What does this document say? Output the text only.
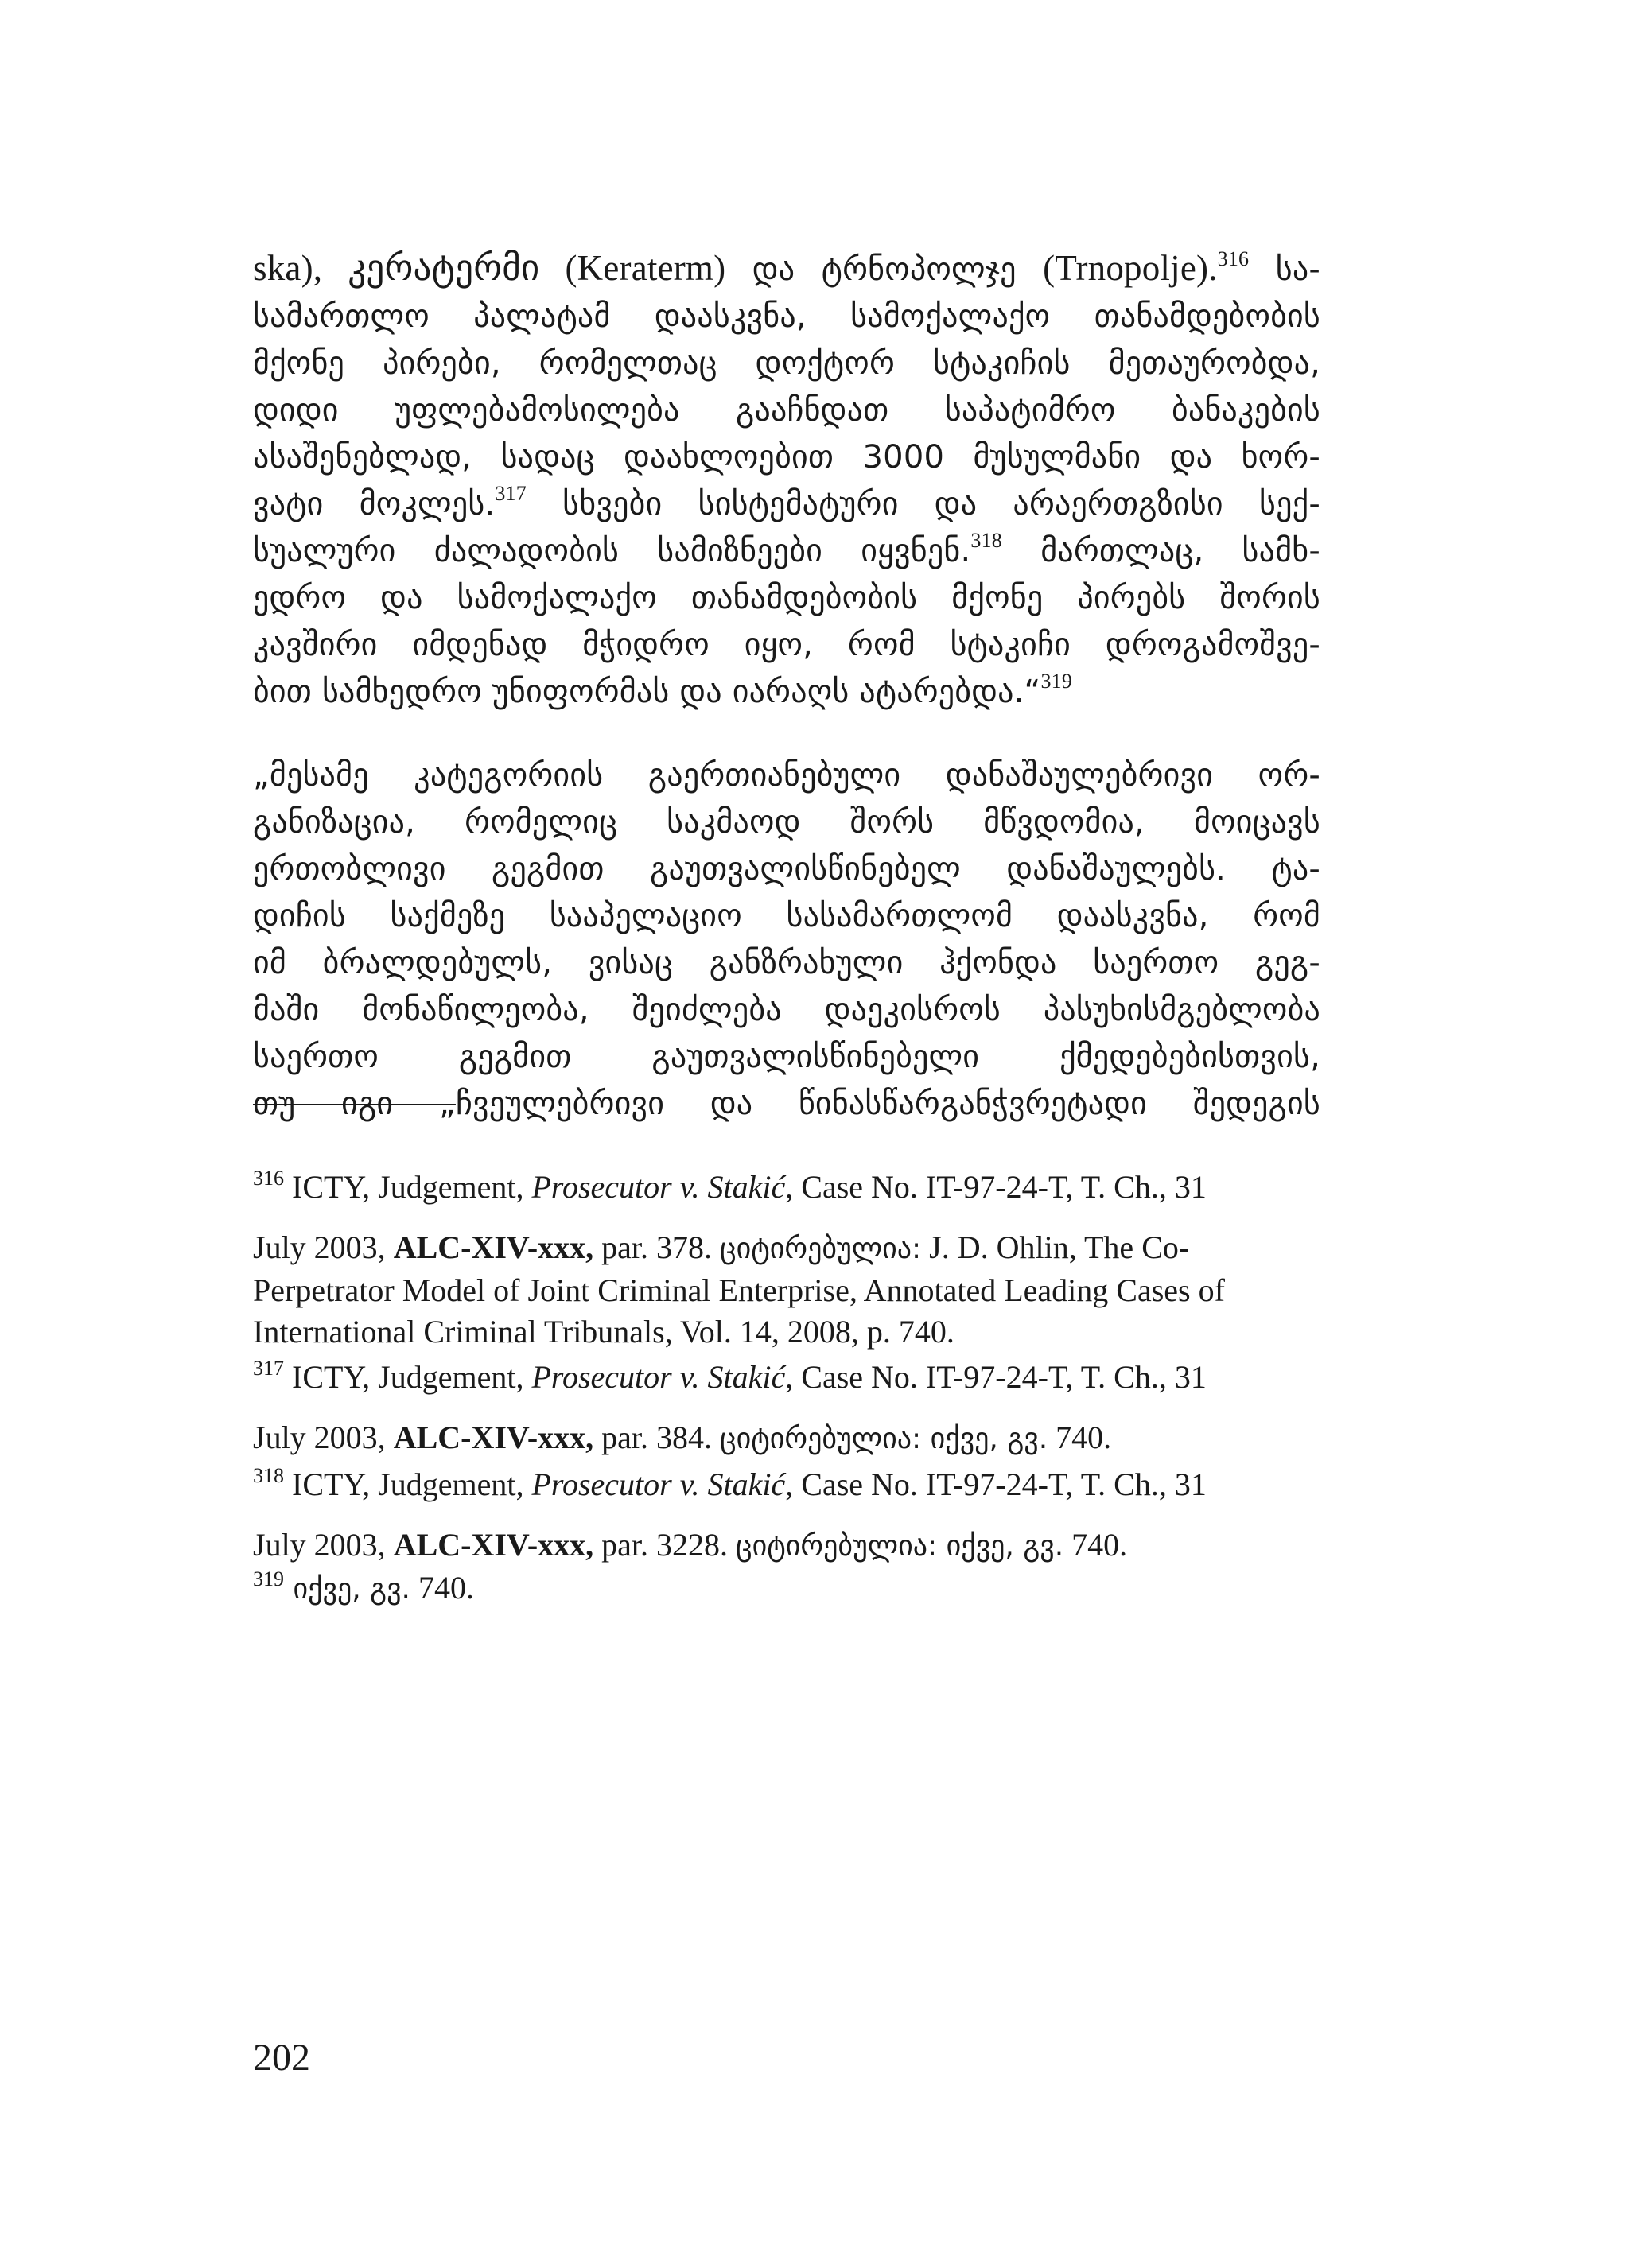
ska), კერატერმი (Keraterm) და ტრნოპოლჯე (Trnopolje).$^{316}$ სა-
სამართლო პალატამ დაასკვნა, სამოქალაქო თანამდებობის
მქონე პირები, რომელთაც დოქტორ სტაკიჩის მეთაურობდა,
დიდი უფლებამოსილება გააჩნდათ საპატიმრო ბანაკების
ასაშენებლად, სადაც დაახლოებით 3000 მუსულმანი და ხორ-
ვატი მოკლეს.$^{317}$ სხვები სისტემატური და არაერთგზისი სექ-
სუალური ძალადობის სამიზნეები იყვნენ.$^{318}$ მართლაც, სამხ-
ედრო და სამოქალაქო თანამდებობის მქონე პირებს შორის
კავშირი იმდენად მჭიდრო იყო, რომ სტაკიჩი დროგამოშვე-
ბით სამხედრო უნიფორმას და იარაღს ატარებდა.“$^{319}$

„მესამე კატეგორიის გაერთიანებული დანაშაულებრივი ორ-
განიზაცია, რომელიც საკმაოდ შორს მწვდომია, მოიცავს
ერთობლივი გეგმით გაუთვალისწინებელ დანაშაულებს. ტა-
დიჩის საქმეზე სააპელაციო სასამართლომ დაასკვნა, რომ
იმ ბრალდებულს, ვისაც განზრახული ჰქონდა საერთო გეგ-
მაში მონაწილეობა, შეიძლება დაეკისროს პასუხისმგებლობა
საერთო გეგმით გაუთვალისწინებელი ქმედებებისთვის,
თუ იგი „ჩვეულებრივი და წინასწარგანჭვრეტადი შედეგის

$^{316}$ ICTY, Judgement, Prosecutor v. Stakić, Case No. IT-97-24-T, T. Ch., 31
July 2003, ALC-XIV-xxx, par. 378. ციტირებულია: J. D. Ohlin, The Co-
Perpetrator Model of Joint Criminal Enterprise, Annotated Leading Cases of
International Criminal Tribunals, Vol. 14, 2008, p. 740.
$^{317}$ ICTY, Judgement, Prosecutor v. Stakić, Case No. IT-97-24-T, T. Ch., 31
July 2003, ALC-XIV-xxx, par. 384. ციტირებულია: იქვე, გვ. 740.
$^{318}$ ICTY, Judgement, Prosecutor v. Stakić, Case No. IT-97-24-T, T. Ch., 31
July 2003, ALC-XIV-xxx, par. 3228. ციტირებულია: იქვე, გვ. 740.
$^{319}$ იქვე, გვ. 740.
202
